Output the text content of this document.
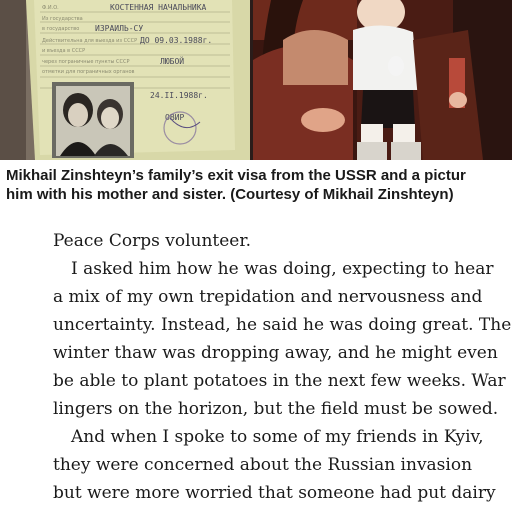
КОСТЕННАЯ НАЧАЛЬНИКА
ИЗРАИЛЬ-СУ
ДО 09.03.1988г.
ЛЮБОЙ
24.II.1988г.
ОВИР
Ф.И.О.
Из государства
в государство
Действительна для выезда из СССР
и въезда в СССР
через пограничные пункты СССР
отметки для пограничных органов
Mikhail Zinshteyn’s family’s exit visa from the USSR and a pictur
him with his mother and sister. (Courtesy of Mikhail Zinshteyn)
Peace Corps volunteer.
I asked him how he was doing, expecting to hear
a mix of my own trepidation and nervousness and
uncertainty. Instead, he said he was doing great. The
winter thaw was dropping away, and he might even
be able to plant potatoes in the next few weeks. War
lingers on the horizon, but the field must be sowed.
And when I spoke to some of my friends in Kyiv,
they were concerned about the Russian invasion
but were more worried that someone had put dairy
